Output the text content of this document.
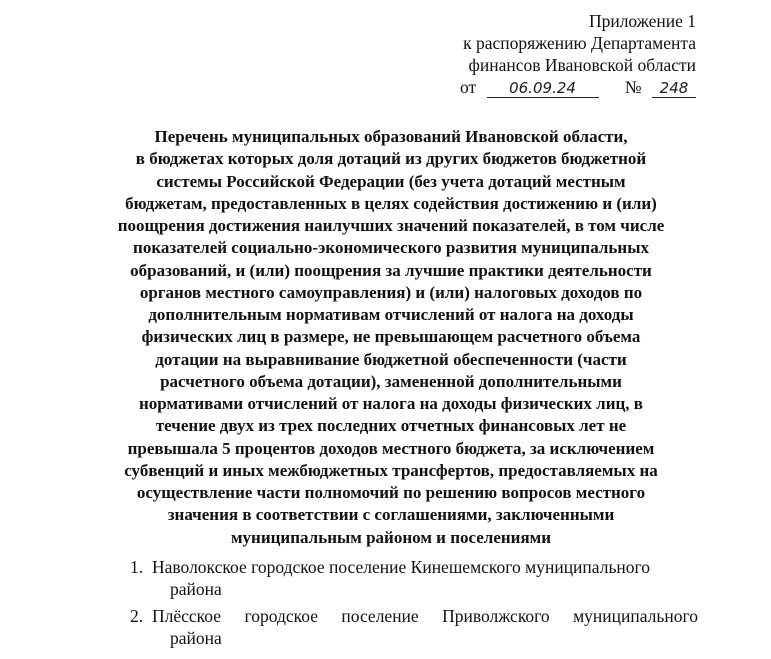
Приложение 1
к распоряжению Департамента
финансов Ивановской области
от 06.09.24	№ 248
Перечень муниципальных образований Ивановской области,
в бюджетах которых доля дотаций из других бюджетов бюджетной
системы Российской Федерации (без учета дотаций местным
бюджетам, предоставленных в целях содействия достижению и (или)
поощрения достижения наилучших значений показателей, в том числе
показателей социально-экономического развития муниципальных
образований, и (или) поощрения за лучшие практики деятельности
органов местного самоуправления) и (или) налоговых доходов по
дополнительным нормативам отчислений от налога на доходы
физических лиц в размере, не превышающем расчетного объема
дотации на выравнивание бюджетной обеспеченности (части
расчетного объема дотации), замененной дополнительными
нормативами отчислений от налога на доходы физических лиц, в
течение двух из трех последних отчетных финансовых лет не
превышала 5 процентов доходов местного бюджета, за исключением
субвенций и иных межбюджетных трансфертов, предоставляемых на
осуществление части полномочий по решению вопросов местного
значения в соответствии с соглашениями, заключенными
муниципальным районом и поселениями
1. Наволокское городское поселение Кинешемского муниципального
района
2. Плёсское городское поселение Приволжского муниципального
района
